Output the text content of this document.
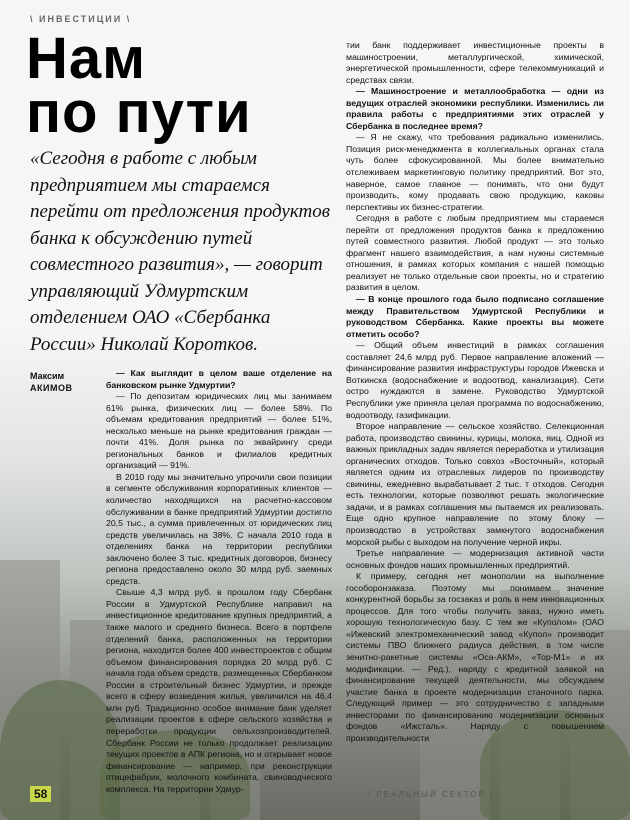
\ ИНВЕСТИЦИИ \
Нам
по пути
«Сегодня в работе с любым предприятием мы стараемся перейти от предложения продуктов банка к обсуждению путей совместного развития», — говорит управляющий Удмуртским отделением ОАО «Сбербанка России» Николай Коротков.
Максим
АКИМОВ

— Как выглядит в целом ваше отделение на банковском рынке Удмуртии?

— По депозитам юридических лиц мы занимаем 61% рынка, физических лиц — более 58%. По объемам кредитования предприятий — более 51%, несколько меньше на рынке кредитования граждан — почти 41%. Доля рынка по эквайрингу среди региональных банков и филиалов кредитных организаций — 91%.

В 2010 году мы значительно упрочили свои позиции в сегменте обслуживания корпоративных клиентов — количество находящихся на расчетно-кассовом обслуживании в банке предприятий Удмуртии достигло 20,5 тыс., а сумма привлеченных от юридических лиц средств увеличилась на 38%. С начала 2010 года в отделениях банка на территории республики заключено более 3 тыс. кредитных договоров, бизнесу региона предоставлено около 30 млрд руб. заемных средств.

Свыше 4,3 млрд руб. в прошлом году Сбербанк России в Удмуртской Республике направил на инвестиционное кредитование крупных предприятий, а также малого и среднего бизнеса. Всего в портфеле отделений банка, расположенных на территории региона, находится более 400 инвестпроектов с общим объемом финансирования порядка 20 млрд руб. С начала года объем средств, размещенных Сбербанком России в строительный бизнес Удмуртии, и прежде всего в сферу возведения жилья, увеличился на 46,4 млн руб. Традиционно особое внимание банк уделяет реализации проектов в сфере сельского хозяйства и переработки продукции сельхозпроизводителей. Сбербанк России не только продолжает реализацию текущих проектов в АПК региона, но и открывает новое финансирование — например, при реконструкции птицефабрик, молочного комбината, свиноводческого комплекса. На территории Удмур-

тии банк поддерживает инвестиционные проекты в машиностроении, металлургической, химической, энергетической промышленности, сфере телекоммуникаций и средствах связи.

— Машиностроение и металлообработка — одни из ведущих отраслей экономики республики. Изменились ли правила работы с предприятиями этих отраслей у Сбербанка в последнее время?

— Я не скажу, что требования радикально изменились. Позиция риск-менеджмента в коллегиальных органах стала чуть более сфокусированной. Мы более внимательно отслеживаем маркетинговую политику предприятий. Вот это, наверное, самое главное — понимать, что они будут производить, кому продавать свою продукцию, каковы перспективы их бизнес-стратегии.

Сегодня в работе с любым предприятием мы стараемся перейти от предложения продуктов банка к предложению путей совместного развития. Любой продукт — это только фрагмент нашего взаимодействия, а нам нужны системные отношения, в рамках которых компания с нашей помощью реализует не только отдельные свои проекты, но и стратегию развития в целом.

— В конце прошлого года было подписано соглашение между Правительством Удмуртской Республики и руководством Сбербанка. Какие проекты вы можете отметить особо?

— Общий объем инвестиций в рамках соглашения составляет 24,6 млрд руб. Первое направление вложений — финансирование развития инфраструктуры городов Ижевска и Воткинска (водоснабжение и водоотвод, канализация). Сети остро нуждаются в замене. Руководство Удмуртской Республики уже приняла целая программа по водоснабжению, водоотводу, газификации.

Второе направление — сельское хозяйство. Селекционная работа, производство свинины, курицы, молока, яиц. Одной из важных прикладных задач является переработка и утилизация органических отходов. Только совхоз «Восточный», который является одним из отраслевых лидеров по производству свинины, ежедневно вырабатывает 2 тыс. т отходов. Сегодня есть технологии, которые позволяют решать экологические задачи, и в рамках соглашения мы пытаемся их реализовать. Еще одно крупное направление по этому блоку — производство в устройствах замкнутого водоснабжения морской рыбы с выходом на получение черной икры.

Третье направление — модернизация активной части основных фондов наших промышленных предприятий.

К примеру, сегодня нет монополии на выполнение гособоронзаказа. Поэтому мы понимаем значение конкурентной борьбы за госзаказ и роль в нем инновационных процессов. Для того чтобы получить заказ, нужно иметь хорошую технологическую базу. С тем же «Куполом» (ОАО «Ижевский электромеханический завод «Купол» производит системы ПВО ближнего радиуса действия, в том числе зенитно-ракетные системы «Оса-АКМ», «Тор-М1» и их модификации. — Ред.), наряду с кредитной заявкой на финансирование текущей деятельности, мы обсуждаем участие банка в проекте модернизации станочного парка. Следующий пример — это сотрудничество с западными инвесторами по финансированию модернизации основных фондов «Ижсталь». Наряду с повышением производительности

58	\ РЕАЛЬНЫЙ СЕКТОР \
